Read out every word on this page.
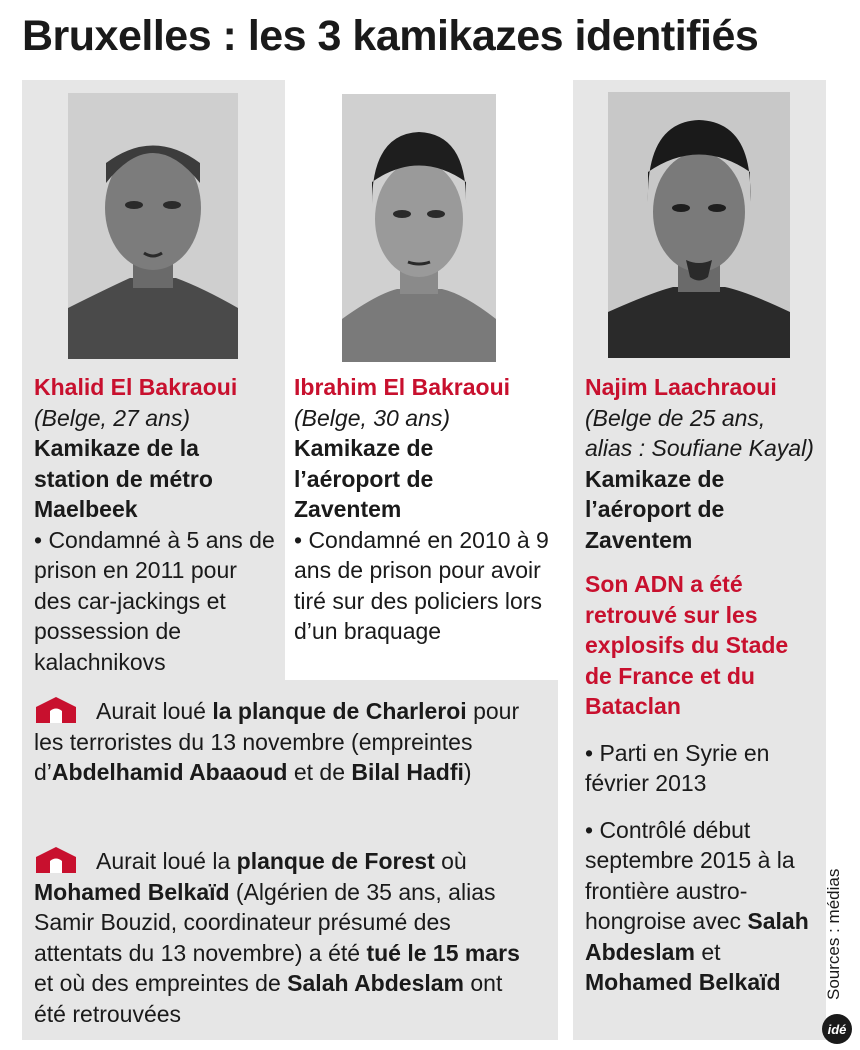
Bruxelles : les 3 kamikazes identifiés

Khalid El Bakraoui

(Belge, 27 ans)

Kamikaze de la station de métro Maelbeek

• Condamné à 5 ans de prison en 2011 pour des car-jackings et possession de kalachnikovs

Ibrahim El Bakraoui

(Belge, 30 ans)

Kamikaze de l’aéroport de Zaventem

• Condamné en 2010 à 9 ans de prison pour avoir tiré sur des policiers lors d’un braquage

Najim Laachraoui

(Belge de 25 ans, alias : Soufiane Kayal)

Kamikaze de l’aéroport de Zaventem

Son ADN a été retrouvé sur les explosifs du Stade de France et du Bataclan

• Parti en Syrie en février 2013

• Contrôlé début septembre 2015 à la frontière austro-hongroise avec Salah Abdeslam et Mohamed Belkaïd

Aurait loué la planque de Charleroi pour les terroristes du 13 novembre (empreintes d’Abdelhamid Abaaoud et de Bilal Hadfi)
Aurait loué la planque de Forest où Mohamed Belkaïd (Algérien de 35 ans, alias Samir Bouzid, coordinateur présumé des attentats du 13 novembre) a été tué le 15 mars et où des empreintes de Salah Abdeslam ont été retrouvées
Sources : médias
idé
